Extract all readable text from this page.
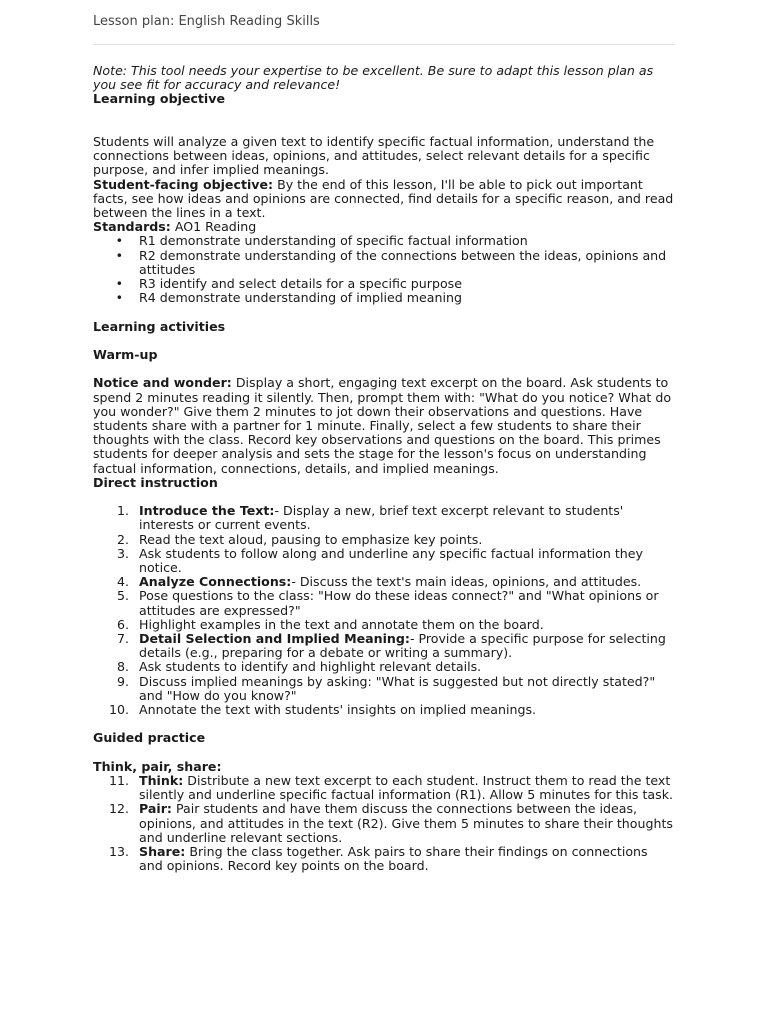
Lesson plan: English Reading Skills

Note: This tool needs your expertise to be excellent. Be sure to adapt this lesson plan as you see fit for accuracy and relevance!

Learning objective

Students will analyze a given text to identify specific factual information, understand the connections between ideas, opinions, and attitudes, select relevant details for a specific purpose, and infer implied meanings.

Student-facing objective: By the end of this lesson, I'll be able to pick out important facts, see how ideas and opinions are connected, find details for a specific reason, and read between the lines in a text.

Standards: AO1 Reading

• R1 demonstrate understanding of specific factual information
• R2 demonstrate understanding of the connections between the ideas, opinions and attitudes
• R3 identify and select details for a specific purpose
• R4 demonstrate understanding of implied meaning

Learning activities

Warm-up

Notice and wonder: Display a short, engaging text excerpt on the board. Ask students to spend 2 minutes reading it silently. Then, prompt them with: "What do you notice? What do you wonder?" Give them 2 minutes to jot down their observations and questions. Have students share with a partner for 1 minute. Finally, select a few students to share their thoughts with the class. Record key observations and questions on the board. This primes students for deeper analysis and sets the stage for the lesson's focus on understanding factual information, connections, details, and implied meanings.

Direct instruction

1. Introduce the Text:- Display a new, brief text excerpt relevant to students' interests or current events.
2. Read the text aloud, pausing to emphasize key points.
3. Ask students to follow along and underline any specific factual information they notice.
4. Analyze Connections:- Discuss the text's main ideas, opinions, and attitudes.
5. Pose questions to the class: "How do these ideas connect?" and "What opinions or attitudes are expressed?"
6. Highlight examples in the text and annotate them on the board.
7. Detail Selection and Implied Meaning:- Provide a specific purpose for selecting details (e.g., preparing for a debate or writing a summary).
8. Ask students to identify and highlight relevant details.
9. Discuss implied meanings by asking: "What is suggested but not directly stated?" and "How do you know?"
10. Annotate the text with students' insights on implied meanings.

Guided practice

Think, pair, share:

11. Think: Distribute a new text excerpt to each student. Instruct them to read the text silently and underline specific factual information (R1). Allow 5 minutes for this task.
12. Pair: Pair students and have them discuss the connections between the ideas, opinions, and attitudes in the text (R2). Give them 5 minutes to share their thoughts and underline relevant sections.
13. Share: Bring the class together. Ask pairs to share their findings on connections and opinions. Record key points on the board.
